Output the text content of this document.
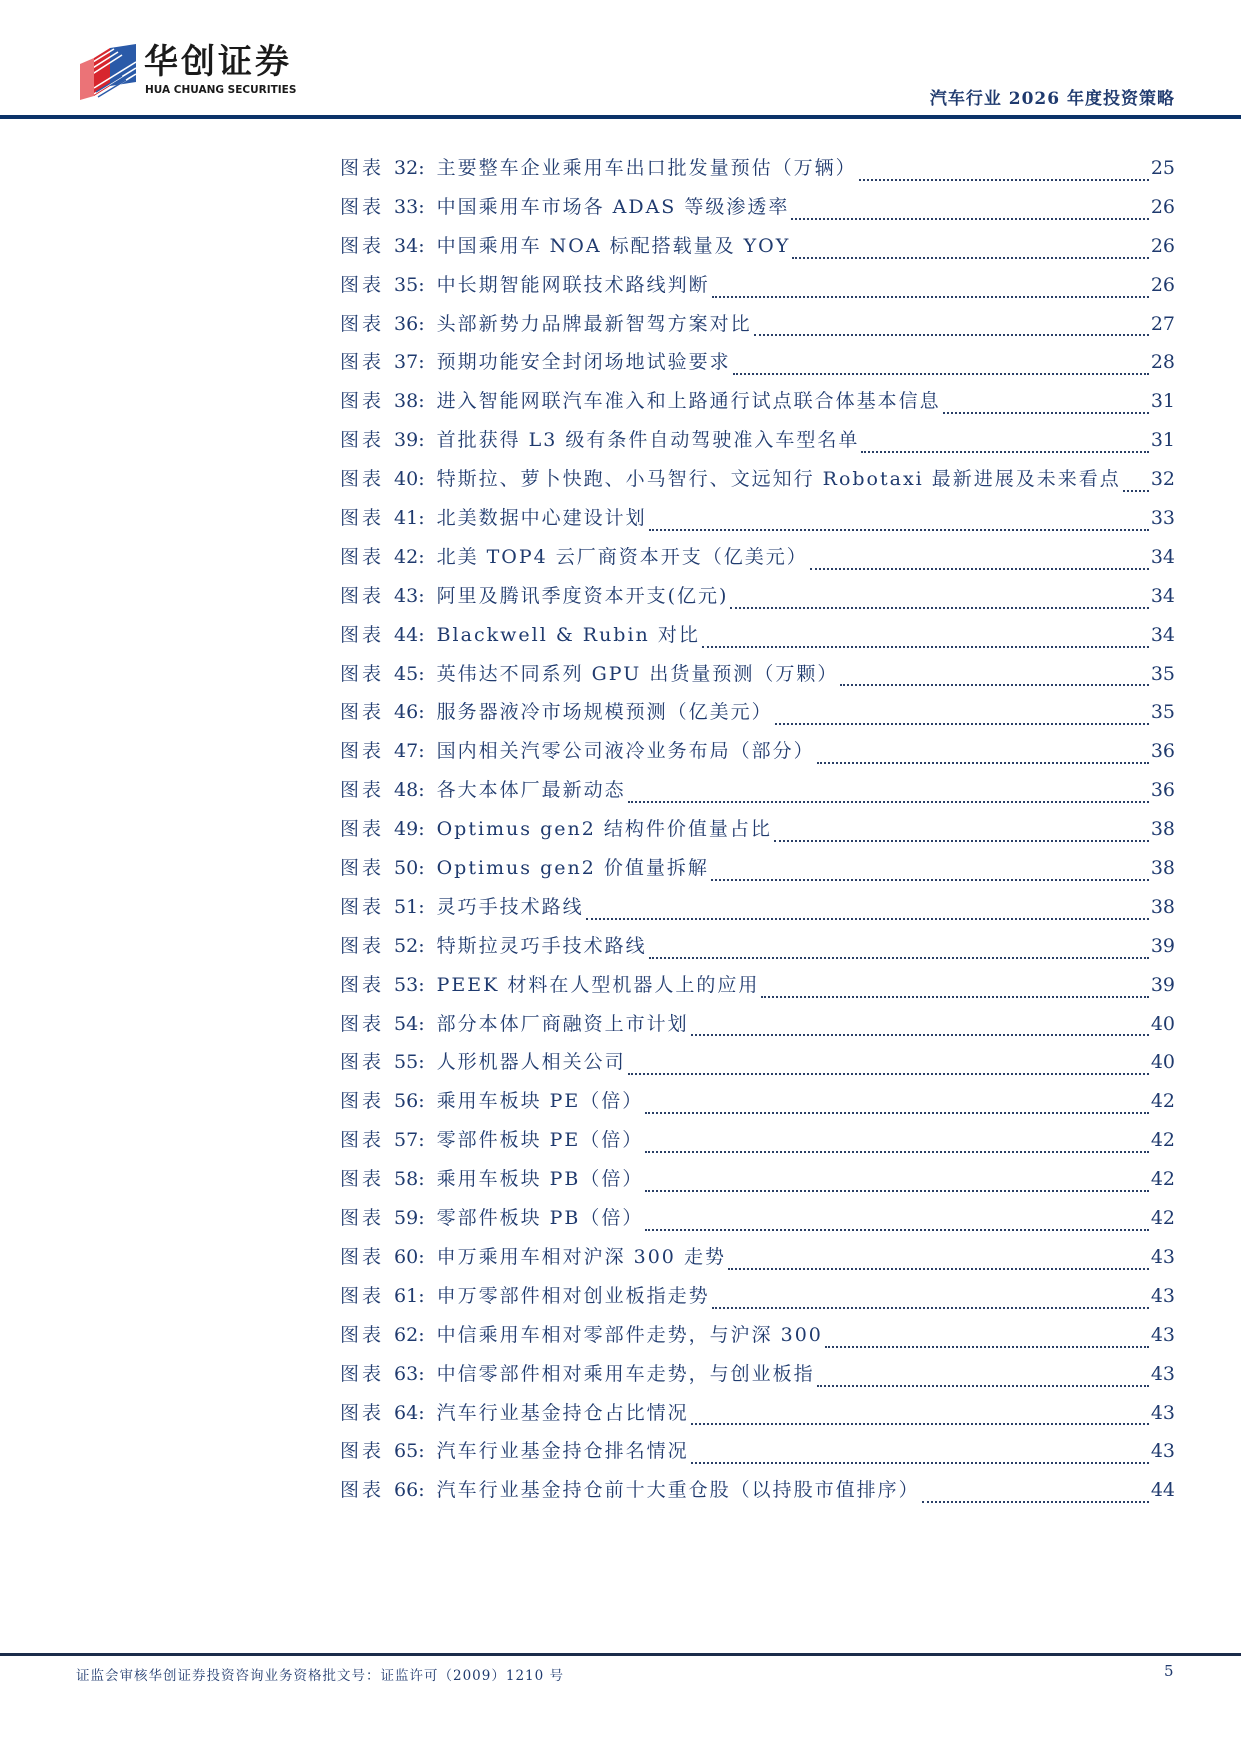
华创证券
HUA CHUANG SECURITIES	汽车行业 2026 年度投资策略
图表 32: 主要整车企业乘用车出口批发量预估（万辆）	25
图表 33: 中国乘用车市场各 ADAS 等级渗透率	26
图表 34: 中国乘用车 NOA 标配搭载量及 YOY	26
图表 35: 中长期智能网联技术路线判断	26
图表 36: 头部新势力品牌最新智驾方案对比	27
图表 37: 预期功能安全封闭场地试验要求	28
图表 38: 进入智能网联汽车准入和上路通行试点联合体基本信息	31
图表 39: 首批获得 L3 级有条件自动驾驶准入车型名单	31
图表 40: 特斯拉、萝卜快跑、小马智行、文远知行 Robotaxi 最新进展及未来看点 32
图表 41: 北美数据中心建设计划	33
图表 42: 北美 TOP4 云厂商资本开支（亿美元）	34
图表 43: 阿里及腾讯季度资本开支(亿元)	34
图表 44: Blackwell & Rubin 对比	34
图表 45: 英伟达不同系列 GPU 出货量预测（万颗）	35
图表 46: 服务器液冷市场规模预测（亿美元）	35
图表 47: 国内相关汽零公司液冷业务布局（部分）	36
图表 48: 各大本体厂最新动态	36
图表 49: Optimus gen2 结构件价值量占比	38
图表 50: Optimus gen2 价值量拆解	38
图表 51: 灵巧手技术路线	38
图表 52: 特斯拉灵巧手技术路线	39
图表 53: PEEK 材料在人型机器人上的应用	39
图表 54: 部分本体厂商融资上市计划	40
图表 55: 人形机器人相关公司	40
图表 56: 乘用车板块 PE（倍）	42
图表 57: 零部件板块 PE（倍）	42
图表 58: 乘用车板块 PB（倍）	42
图表 59: 零部件板块 PB（倍）	42
图表 60: 申万乘用车相对沪深 300 走势	43
图表 61: 申万零部件相对创业板指走势	43
图表 62: 中信乘用车相对零部件走势，与沪深 300	43
图表 63: 中信零部件相对乘用车走势，与创业板指	43
图表 64: 汽车行业基金持仓占比情况	43
图表 65: 汽车行业基金持仓排名情况	43
图表 66: 汽车行业基金持仓前十大重仓股（以持股市值排序）	44
证监会审核华创证券投资咨询业务资格批文号：证监许可（2009）1210 号	5
